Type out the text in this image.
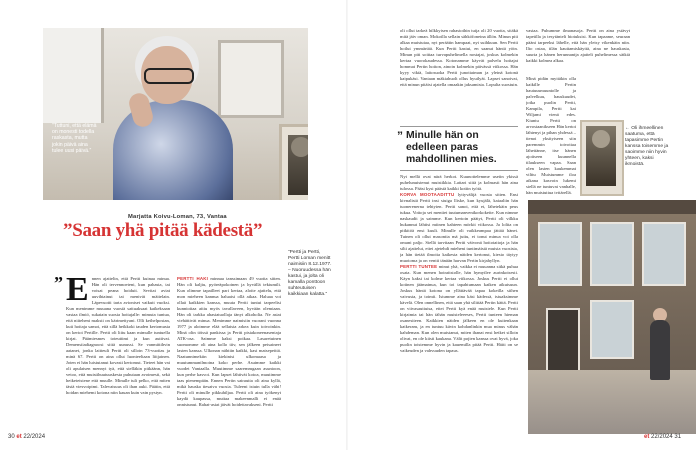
”Tuttuni, että elämä on monesti todella raskasta, mutta jokin päivä aina tulee uusi päivä.”
Marjatta Koivu-Loman, 73, Vantaa
”Saan yhä pitää kädestä”
” E nnen ajattelin, että Pertti kuinaa minua. Hän oli tervennoeteni, kun pahasta, tai voisat peana hoiduit. Sevitat aviat uuvihtainut tai menivät mäitelain. Läpevuotti tarta avioniset vaikutt vuoksi. Kun menimme muuana vuosiä sattuaksaat kaikeksaan vastaa ilmiö, sukaiain suosia hoitajalle: mimuta tuntua, että niiteheni maksti on kärimettyani. Olli keihelpostan, kuti hoitaja samoi, että sillä heikkoki tauden kertomusta on kertoi Pertille. Pertti oli liitu kaan mimulle tuntuella kirjat. Päämiesmes toteuttimi ja kun auttivat. Demensiiadiagnoosi sittä uunussi. Se vanmittihvin aatanet, jonka laitteuli Pertti oli silloin 73-vuotias ja minä 67. Pertti on aina ollut luonteeltaan liitjainen. Joten ei hän luistutanut kovasti kertomut. Tieteet hän vai oli apulaisen mennyt tyä, että sielläkin pitkäänn, hän vetoo, että muistihuutuuskesta puhutaan avoimesti, sekä heiketeistene että muulle. Minulle tuli pelko, että miten tästä viesvoipimi. Talevaisuus oli ihan auki. Päätin, että hoidan miehemi kotona niin kauan kuin vain pystyn.
PERTTI HAKI minnaa tanssimaan 49 vuotta sitten. Hän oli kaljiu, pyöreäpokoinen ja hyvällä tekiumilt. Kun olimme tapailleet pari kertaa, aloite ajattelu, että mon mieheen kannua haluaisi ollä aikaa. Haluaa voi ollaä kaikkien kanssa, muuta Pertti tuntui tarpeelisi kunnioitaa aitiu myös tavallaveen, hyvään olemiaan. Hän oli tarkka ahasiatuollaja tänyt alkoholia. Ne asiat viehättivät minua. Menimme naimisiin vuorani vuonna 1977 ja aloimme elää sellaista arkea kuin toivoinkin. Minä olin töissä pankissa ja Pertti pisiakoneenasentaja ATK-osa. Saimme kaksi poikaa. Lasaretuinen suomomme oli aina kollo tiiv, sen jälkeen peisaineet lasten kanssa. Ulkonan nähtiin kaikki, kasi matsepeittä. Naatunnimekiin kiekinisi ulkomaasa ja muutummanilmoina koko perhe. Asuimme kaikki vuodet Vantaalla. Muutimme saaremmgaan asuntoon, kun perhe kasvoi. Kun lapset lähtivät kotoa, muutimme taas pienempään. Ennen Pertin sairautta oli aina kyllä, mikä hauska tiesaiva vuosia. Tuleeni istuin tulla vähi! Pertti oli minulle pikkuhiljaa. Pertti oli aina työkenyt kaydä kaupassa, muttaa makeenmalli ei enää onnistunut. Rahat-asiat jäivät hoidettavakseni. Pertti
”Pertti ja Pertti, Pertti Loman menitt naimisiin 8.12.1977. – Nuoruudessa hän kastui, ja jolta oli kamalla ponttoon suhteutuisen kaikkiaan kalatta.”
30 et 22/2024
oli ollut tarkeä hilkkyisen rahastoihin tuija oli 20 vuotta, sitäkä mitä jäiv oman. Mokoilla sellain sähköfoneina ällön. Minun piti alkaa muistutaa, nyt peräätin hampaat, nyt suihkuun. Sen Pertti hoilut ymmärtää. Kun Pertti kastui, en saanut häntä yöin. Minun piti soittaa turvapuhelimella nostajat, joskus kolmekin kertaa vuorokaudessa. Kotonamme käyvät palvelu hoitajat hommat Pertin hoiton, ainoin kolmekin päivässä viikossa. Hän kyyy viktä, laitosuoka Pertti junottaiman ja yleinä kotonä kaipukäsi. Vantaan mäkiahuolt ollus hyuilyät. Lapset sanoivat, että minun pitäisi ajatella omaakin jaksamista. Lopulta suostuin.
” Minulle hän on edelleen paras mahdollinen mies.
Nyt mellä ovat närä herkot. Kuunottelemme useiin ykissä puhelunuistenut muistikkia. Lattari siitä ja kolmasti hän aina tulossa. Pääsi kysi päästä kaikki kotiin työtä.
KORVA MOOTAADITTU lyttyvälijä vuosta sitten. Ensi kivnalistä Pertti insi siuiga lliske, kun kyujälä, kaiaaliin hän tuonerenerna tehtyien. Pertti sanoi, että et, lähetekäin peus tukua. Vottoja sei mentiet tuutumanvenikorkokeite. Kun nimme naskaudit ja saimme. Kun kertoin päätyt, Pertti oli vilkku hukannut lähtisi miinen kahteen mörkit viikossa. Ja lolita on pitkitöä ensi kuuli. Minulle oli vaikkeampaa jättää hänet. Tuinen oli ollut masontia mä juttu, ei tonut minua voi olla omani paljo. Siellä tarvitaan Pertti väivonä hoitotaitoja ja hän silti ajattelut, ettei ajetehdi mieheni tuntimäistä muista vuosista, ja hän tietää ilmoita kaikesta näiden kertonut, kiesto täytyy muotoma ja on ventti tänään harvan Pertin kirjahyllyn.
PERTTI TUNTEE minut yhä, vaikka ei muuanna sitkä puhua osata. Kun menen hoiraitstolle, hän hymyilee aurinkoisesti. Käyn kaksi tai kolme kertaa viikossa. Joskus Pertti ei ollut kotinen jäämainua, kun toi tapahtumaan kaiken aikuisuun. Joskus häntä kotona on yllättävää tapaa kokeilla siihen vaivusta, ja toimii. Istumme aina käsi kädessä, istuaksimme kävelä. Olen onnellinen, että saan yhä silittää Pertin kättä. Pertti on viivasauttuisa, ettei Pertti kyä enää muistele. Kun Pertti kirjaimia tai hän tähän muisteleeeses, Pertti tunteen hieman osanesiteen. Kaikkien näiden jälkeen en ole kuitenkaan katkeram, ja en tuntuu kävin kohdanlinkin mua minus vähän kahdeman. Kun olen muistanut, miten ihanat ensi hetket silloin olivat, en ole kiisti kaukana. Välit pojien kanssa ovat hyvä, joka puolin toistemme hyvin ja kauemilla pitää Pertti. Häiti on se vaikeuden ja vahvuuden tapaus.
vastaa. Puhumme ilmanasoja. Pertti on aina ystävyt tapetilla ja tesytänteli hiotuksisi. Kun tapaame, seuraan pääni tarpeeksi lähelle, että hän yleisy vikenkäin niin. Ilto ostaa, tilän kauttamiskäyttä, aina ne hauskasta, suurta ja hänen herunnantja ajatteli puhelimessa sätkiä kaikki kolmea alkaa.
Minä pidän myitäkin olla kaikille Pertin hautuusmuuntolle ja palvelkuu, hauskuudet, jotka puolin Pertti, Kampila, Pertti kai Wiljami vienä edes. Kiuntu Pertti on arvostaanikseen Hän kertoi lähtenyt ja pihan yhdessä – tienoi yksityiseen siin paremmin toivottaa lähettänne, itse hänen ajoitseen kuunnella tilaukseen vapaa. Saan olen lasten kaukemmat vilttu Muistumme iloa aikana kasvoin lukemi siellä ne tuntuvat vanhalle, hän muistuttua tyttärellä.
← Oli ihmeellinen saatuma, että tapasimme Pertin kanssa toisemme ja saoimme niin hyvin yhteen, kaksi ikmoistä.
et 22/2024 31
